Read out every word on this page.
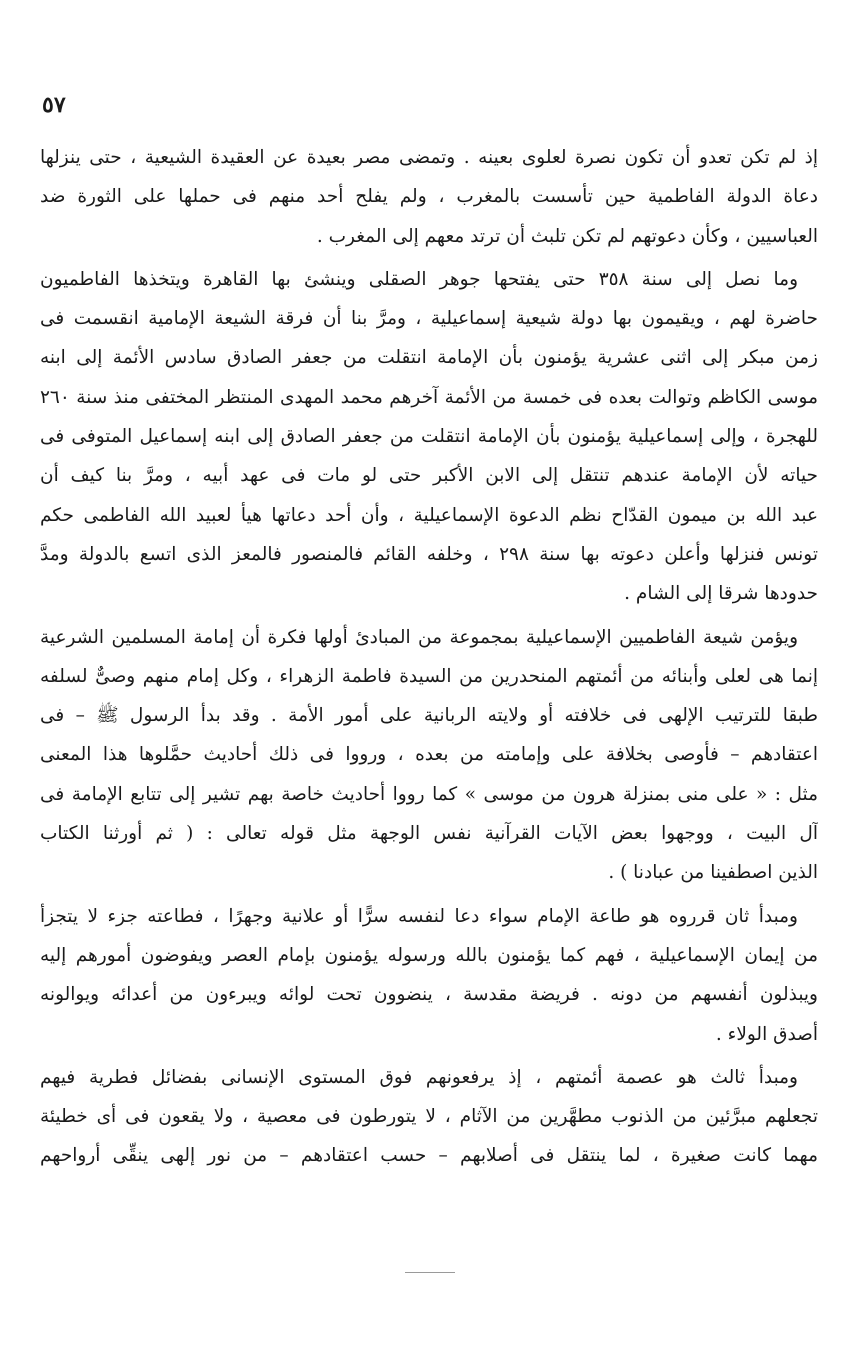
٥٧
إذ لم تكن تعدو أن تكون نصرة لعلوى بعينه . وتمضى مصر بعيدة عن العقيدة الشيعية ، حتى ينزلها
دعاة الدولة الفاطمية حين تأسست بالمغرب ، ولم يفلح أحد منهم فى حملها على الثورة ضد
العباسيين ، وكأن دعوتهم لم تكن تلبث أن ترتد معهم إلى المغرب .
وما نصل إلى سنة ٣٥٨ حتى يفتحها جوهر الصقلى وينشئ بها القاهرة ويتخذها الفاطميون
حاضرة لهم ، ويقيمون بها دولة شيعية إسماعيلية ، ومرَّ بنا أن فرقة الشيعة الإمامية انقسمت فى
زمن مبكر إلى اثنى عشرية يؤمنون بأن الإمامة انتقلت من جعفر الصادق سادس الأئمة إلى ابنه
موسى الكاظم وتوالت بعده فى خمسة من الأئمة آخرهم محمد المهدى المنتظر المختفى منذ سنة ٢٦٠
للهجرة ، وإلى إسماعيلية يؤمنون بأن الإمامة انتقلت من جعفر الصادق إلى ابنه إسماعيل المتوفى فى
حياته لأن الإمامة عندهم تنتقل إلى الابن الأكبر حتى لو مات فى عهد أبيه ، ومرَّ بنا كيف أن
عبد الله بن ميمون القدّاح نظم الدعوة الإسماعيلية ، وأن أحد دعاتها هيأ لعبيد الله الفاطمى حكم
تونس فنزلها وأعلن دعوته بها سنة ٢٩٨ ، وخلفه القائم فالمنصور فالمعز الذى اتسع بالدولة ومدَّ
حدودها شرقا إلى الشام .
ويؤمن شيعة الفاطميين الإسماعيلية بمجموعة من المبادئ أولها فكرة أن إمامة المسلمين الشرعية
إنما هى لعلى وأبنائه من أئمتهم المنحدرين من السيدة فاطمة الزهراء ، وكل إمام منهم وصىٌّ لسلفه
طبقا للترتيب الإلهى فى خلافته أو ولايته الربانية على أمور الأمة . وقد بدأ الرسول ﷺ – فى
اعتقادهم – فأوصى بخلافة على وإمامته من بعده ، ورووا فى ذلك أحاديث حمَّلوها هذا المعنى
مثل : « على منى بمنزلة هرون من موسى » كما رووا أحاديث خاصة بهم تشير إلى تتابع الإمامة فى
آل البيت ، ووجهوا بعض الآيات القرآنية نفس الوجهة مثل قوله تعالى : ( ثم أورثنا الكتاب
الذين اصطفينا من عبادنا ) .
ومبدأ ثان قرروه هو طاعة الإمام سواء دعا لنفسه سرًّا أو علانية وجهرًا ، فطاعته جزء لا يتجزأ
من إيمان الإسماعيلية ، فهم كما يؤمنون بالله ورسوله يؤمنون بإمام العصر ويفوضون أمورهم إليه
ويبذلون أنفسهم من دونه . فريضة مقدسة ، ينضوون تحت لوائه ويبرءون من أعدائه ويوالونه
أصدق الولاء .
ومبدأ ثالث هو عصمة أئمتهم ، إذ يرفعونهم فوق المستوى الإنسانى بفضائل فطرية فيهم
تجعلهم مبرَّئين من الذنوب مطهَّرين من الآثام ، لا يتورطون فى معصية ، ولا يقعون فى أى خطيئة
مهما كانت صغيرة ، لما ينتقل فى أصلابهم – حسب اعتقادهم – من نور إلهى ينقِّى أرواحهم
